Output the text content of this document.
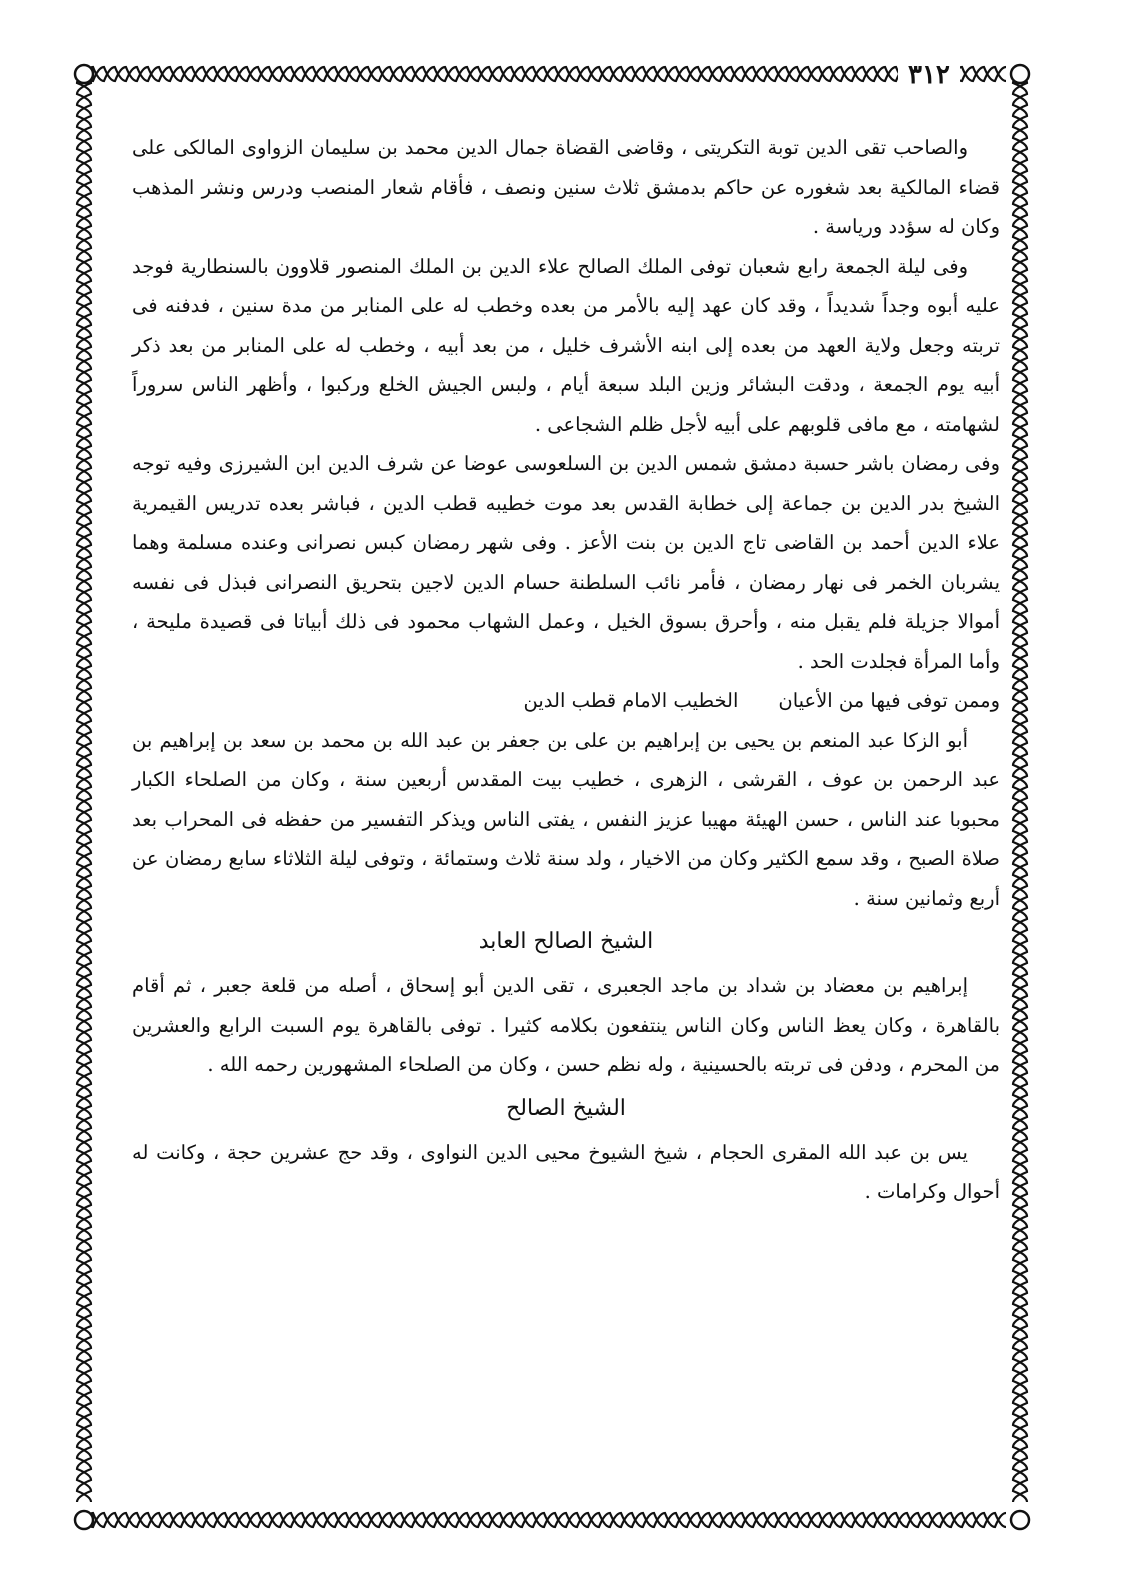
٣١٢

والصاحب تقى الدين توبة التكريتى ، وقاضى القضاة جمال الدين محمد بن سليمان الزواوى المالكى على قضاء المالكية بعد شغوره عن حاكم بدمشق ثلاث سنين ونصف ، فأقام شعار المنصب ودرس ونشر المذهب وكان له سؤدد ورياسة .

وفى ليلة الجمعة رابع شعبان توفى الملك الصالح علاء الدين بن الملك المنصور قلاوون بالسنطارية فوجد عليه أبوه وجداً شديداً ، وقد كان عهد إليه بالأمر من بعده وخطب له على المنابر من مدة سنين ، فدفنه فى تربته وجعل ولاية العهد من بعده إلى ابنه الأشرف خليل ، من بعد أبيه ، وخطب له على المنابر من بعد ذكر أبيه يوم الجمعة ، ودقت البشائر وزين البلد سبعة أيام ، ولبس الجيش الخلع وركبوا ، وأظهر الناس سروراً لشهامته ، مع مافى قلوبهم على أبيه لأجل ظلم الشجاعى .

وفى رمضان باشر حسبة دمشق شمس الدين بن السلعوسى عوضا عن شرف الدين ابن الشيرزى وفيه توجه الشيخ بدر الدين بن جماعة إلى خطابة القدس بعد موت خطيبه قطب الدين ، فباشر بعده تدريس القيمرية علاء الدين أحمد بن القاضى تاج الدين بن بنت الأعز . وفى شهر رمضان كبس نصرانى وعنده مسلمة وهما يشربان الخمر فى نهار رمضان ، فأمر نائب السلطنة حسام الدين لاجين بتحريق النصرانى فبذل فى نفسه أموالا جزيلة فلم يقبل منه ، وأحرق بسوق الخيل ، وعمل الشهاب محمود فى ذلك أبياتا فى قصيدة مليحة ، وأما المرأة فجلدت الحد .

وممن توفى فيها من الأعيان
الخطيب الامام قطب الدين

أبو الزكا عبد المنعم بن يحيى بن إبراهيم بن على بن جعفر بن عبد الله بن محمد بن سعد بن إبراهيم بن عبد الرحمن بن عوف ، القرشى ، الزهرى ، خطيب بيت المقدس أربعين سنة ، وكان من الصلحاء الكبار محبوبا عند الناس ، حسن الهيئة مهيبا عزيز النفس ، يفتى الناس ويذكر التفسير من حفظه فى المحراب بعد صلاة الصبح ، وقد سمع الكثير وكان من الاخيار ، ولد سنة ثلاث وستمائة ، وتوفى ليلة الثلاثاء سابع رمضان عن أربع وثمانين سنة .

الشيخ الصالح العابد

إبراهيم بن معضاد بن شداد بن ماجد الجعبرى ، تقى الدين أبو إسحاق ، أصله من قلعة جعبر ، ثم أقام بالقاهرة ، وكان يعظ الناس وكان الناس ينتفعون بكلامه كثيرا . توفى بالقاهرة يوم السبت الرابع والعشرين من المحرم ، ودفن فى تربته بالحسينية ، وله نظم حسن ، وكان من الصلحاء المشهورين رحمه الله .

الشيخ الصالح

يس بن عبد الله المقرى الحجام ، شيخ الشيوخ محيى الدين النواوى ، وقد حج عشرين حجة ، وكانت له أحوال وكرامات .
